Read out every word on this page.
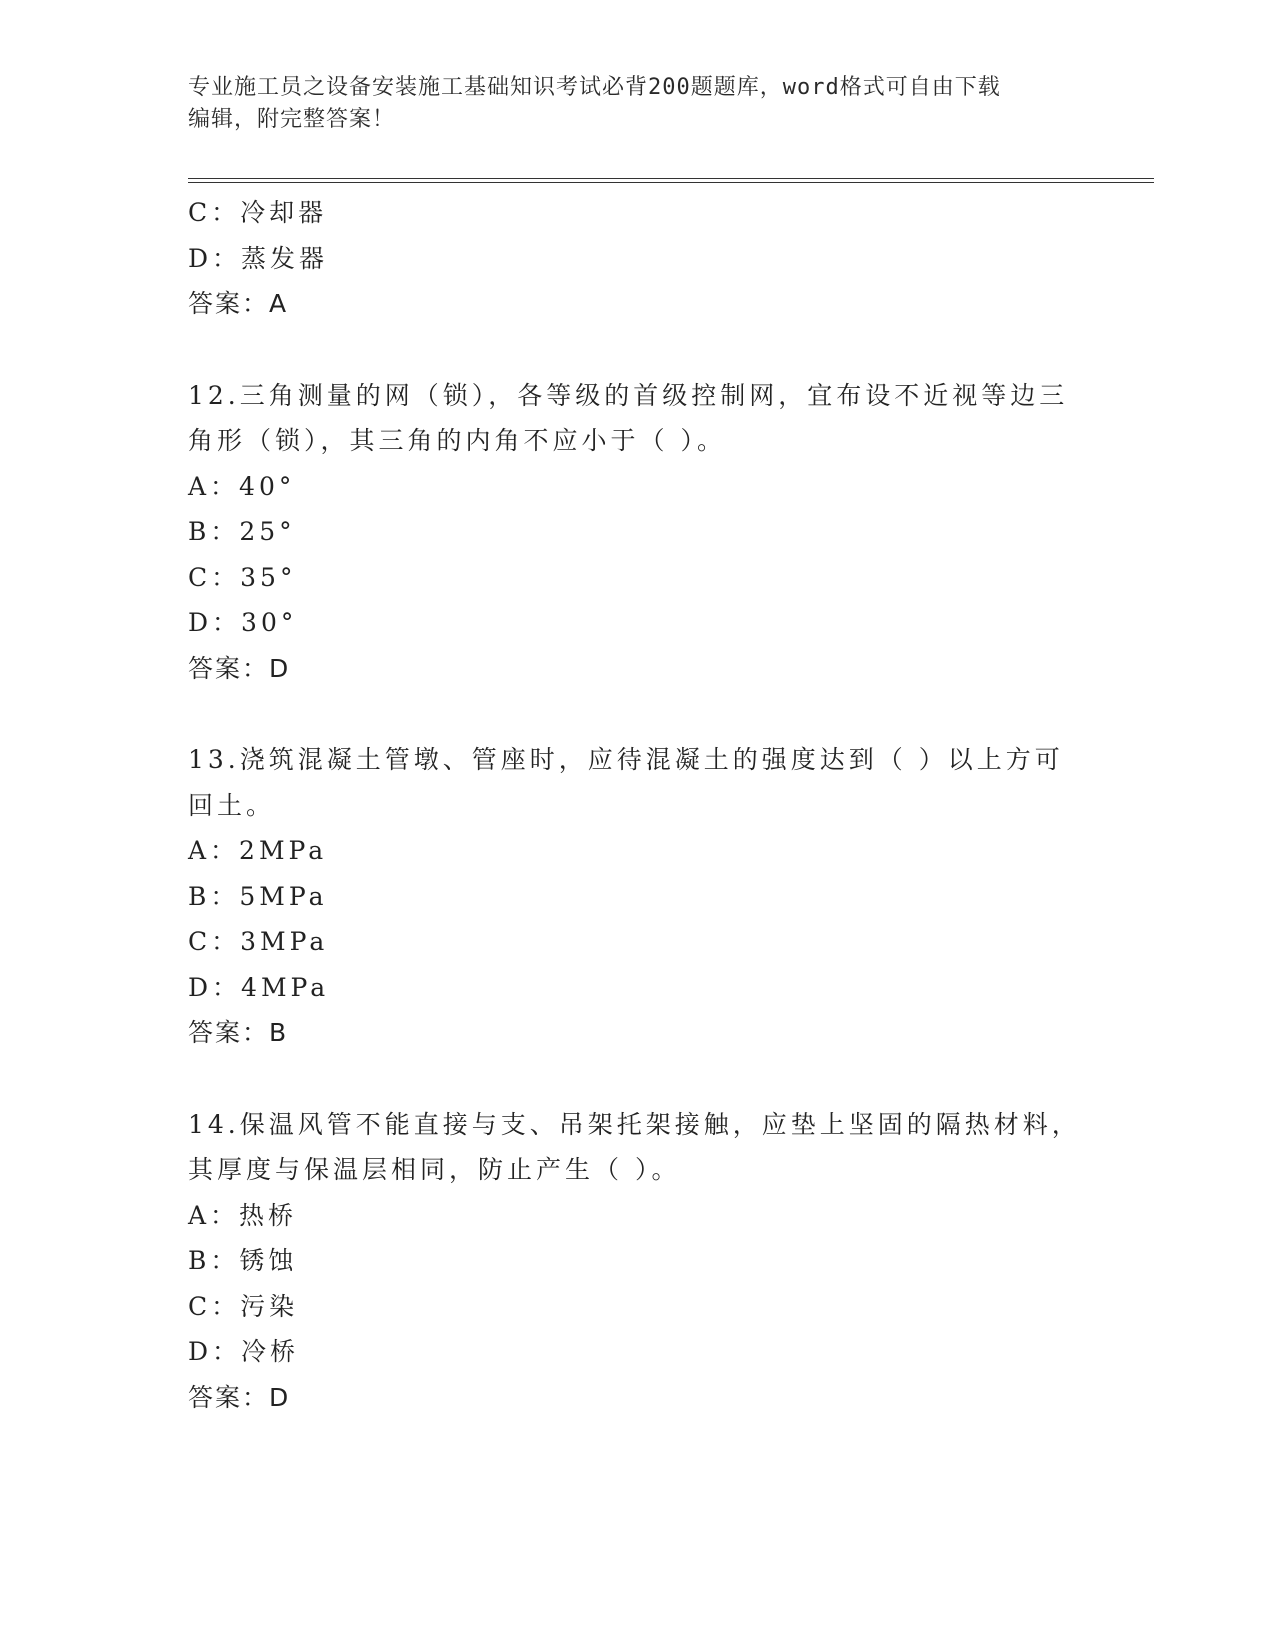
专业施工员之设备安装施工基础知识考试必背200题题库，word格式可自由下载
编辑，附完整答案！
C：冷却器
D：蒸发器
答案：A
12.三角测量的网（锁），各等级的首级控制网，宜布设不近视等边三
角形（锁），其三角的内角不应小于（ ）。
A：40°
B：25°
C：35°
D：30°
答案：D
13.浇筑混凝土管墩、管座时，应待混凝土的强度达到（ ）以上方可
回土。
A：2MPa
B：5MPa
C：3MPa
D：4MPa
答案：B
14.保温风管不能直接与支、吊架托架接触，应垫上坚固的隔热材料，
其厚度与保温层相同，防止产生（ ）。
A：热桥
B：锈蚀
C：污染
D：冷桥
答案：D
